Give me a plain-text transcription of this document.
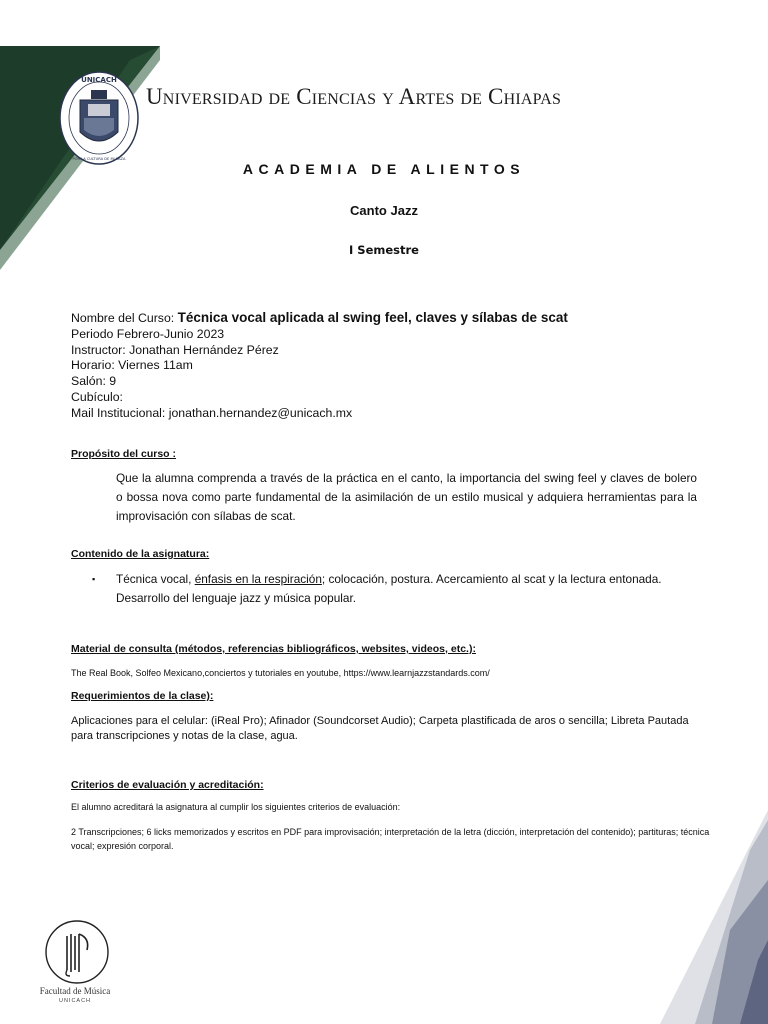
UNICACH
POR LA CULTURA DE MI RAZA
Universidad de Ciencias y Artes de Chiapas
ACADEMIA DE ALIENTOS
Canto Jazz
I Semestre
Nombre del Curso: Técnica vocal aplicada al swing feel, claves y sílabas de scat
Periodo Febrero-Junio 2023
Instructor: Jonathan Hernández Pérez
Horario: Viernes 11am
Salón: 9
Cubículo:
Mail Institucional: jonathan.hernandez@unicach.mx
Propósito del curso :
Que la alumna comprenda a través de la práctica en el canto, la importancia del swing feel y claves de bolero o bossa nova como parte fundamental de la asimilación de un estilo musical y adquiera herramientas para la improvisación con sílabas de scat.
Contenido de la asignatura:
▪ Técnica vocal, énfasis en la respiración; colocación, postura. Acercamiento al scat y la lectura entonada. Desarrollo del lenguaje jazz y música popular.
Material de consulta (métodos, referencias bibliográficos, websites, videos, etc.):
The Real Book, Solfeo Mexicano,conciertos y tutoriales en youtube, https://www.learnjazzstandards.com/
Requerimientos de la clase):
Aplicaciones para el celular: (iReal Pro); Afinador (Soundcorset Audio); Carpeta plastificada de aros o sencilla; Libreta Pautada para transcripciones y notas de la clase, agua.
Criterios de evaluación y acreditación:
El alumno acreditará la asignatura al cumplir los siguientes criterios de evaluación:
2 Transcripciones; 6 licks memorizados y escritos en PDF para improvisación; interpretación de la letra (dicción, interpretación del contenido); partituras; técnica vocal; expresión corporal.
Facultad de Música
UNICACH
